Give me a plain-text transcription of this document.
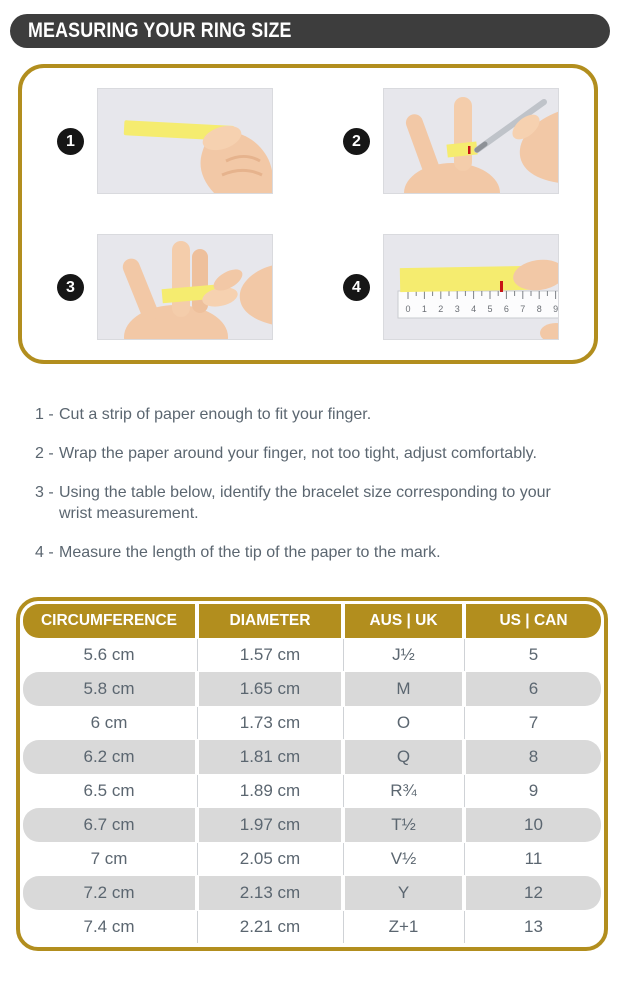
MEASURING YOUR RING SIZE
1	2
3	4
0 1 2 3 4 5 6 7 8 9
1 - Cut a strip of paper enough to fit your finger.
2 - Wrap the paper around your finger, not too tight, adjust comfortably.
3 - Using the table below, identify the bracelet size corresponding to your
wrist measurement.
4 - Measure the length of the tip of the paper to the mark.
CIRCUMFERENCE	DIAMETER	AUS | UK	US | CAN
5.6 cm	1.57 cm	J½	5
5.8 cm	1.65 cm	M	6
6 cm	1.73 cm	O	7
6.2 cm	1.81 cm	Q	8
6.5 cm	1.89 cm	R¾	9
6.7 cm	1.97 cm	T½	10
7 cm	2.05 cm	V½	11
7.2 cm	2.13 cm	Y	12
7.4 cm	2.21 cm	Z+1	13
